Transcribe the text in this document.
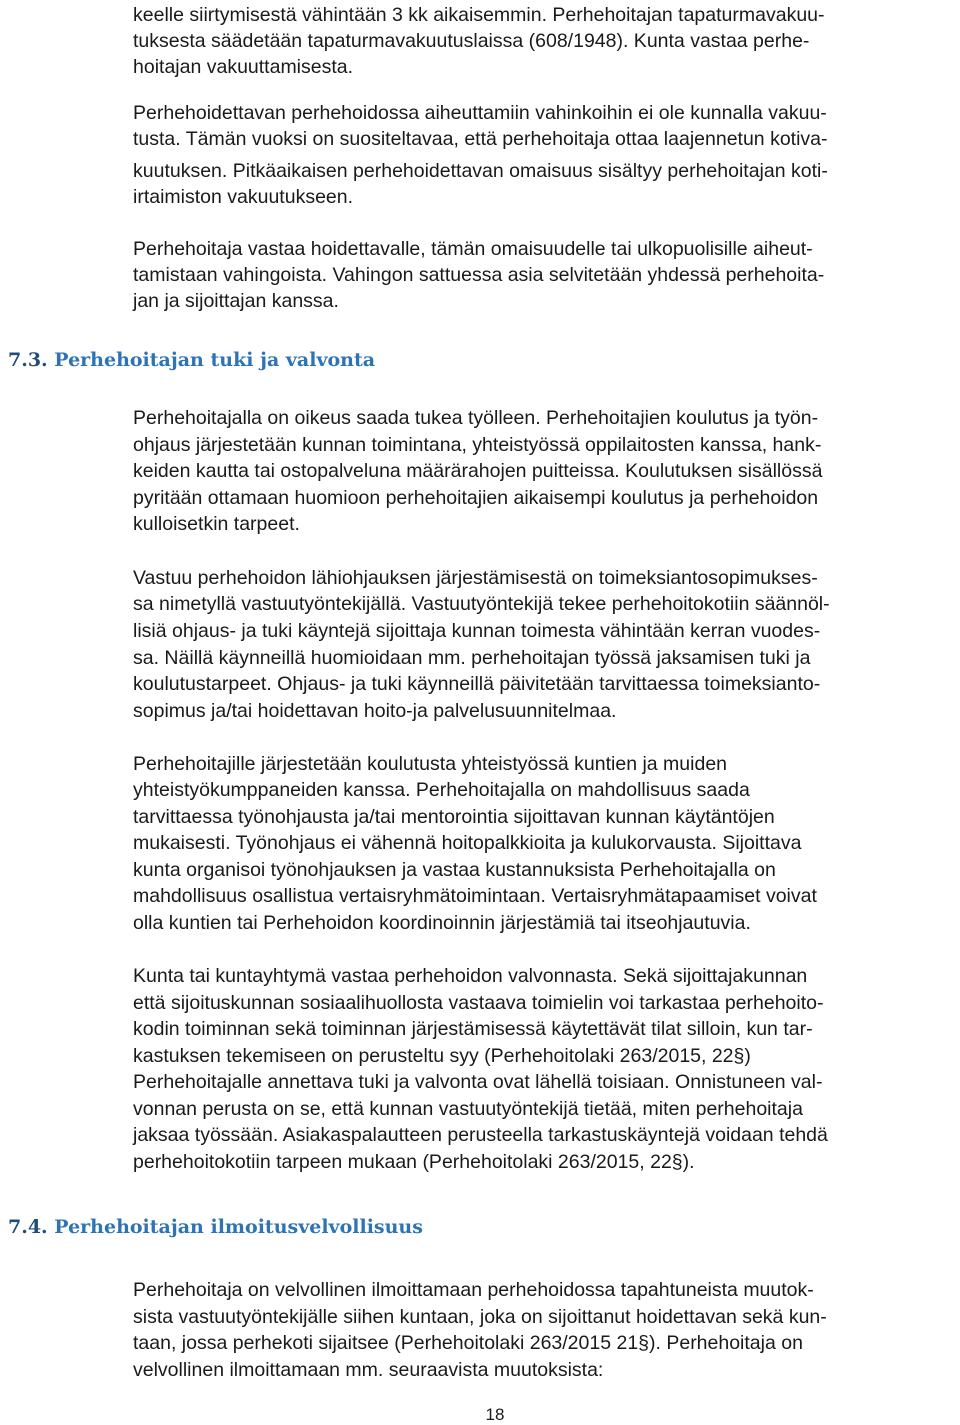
keelle siirtymisestä vähintään 3 kk aikaisemmin. Perhehoitajan tapaturmavakuu-
tuksesta säädetään tapaturmavakuutuslaissa (608/1948). Kunta vastaa perhe-
hoitajan vakuuttamisesta.
Perhehoidettavan perhehoidossa aiheuttamiin vahinkoihin ei ole kunnalla vakuu-
tusta. Tämän vuoksi on suositeltavaa, että perhehoitaja ottaa laajennetun kotiva-
kuutuksen. Pitkäaikaisen perhehoidettavan omaisuus sisältyy perhehoitajan koti-
irtaimiston vakuutukseen.
Perhehoitaja vastaa hoidettavalle, tämän omaisuudelle tai ulkopuolisille aiheut-
tamistaan vahingoista. Vahingon sattuessa asia selvitetään yhdessä perhehoita-
jan ja sijoittajan kanssa.
7.3. Perhehoitajan tuki ja valvonta
Perhehoitajalla on oikeus saada tukea työlleen. Perhehoitajien koulutus ja työn-
ohjaus järjestetään kunnan toimintana, yhteistyössä oppilaitosten kanssa, hank-
keiden kautta tai ostopalveluna määrärahojen puitteissa. Koulutuksen sisällössä
pyritään ottamaan huomioon perhehoitajien aikaisempi koulutus ja perhehoidon
kulloisetkin tarpeet.
Vastuu perhehoidon lähiohjauksen järjestämisestä on toimeksiantosopimukses-
sa nimetyllä vastuutyöntekijällä. Vastuutyöntekijä tekee perhehoitokotiin säännöl-
lisiä ohjaus- ja tuki käyntejä sijoittaja kunnan toimesta vähintään kerran vuodes-
sa. Näillä käynneillä huomioidaan mm. perhehoitajan työssä jaksamisen tuki ja
koulutustarpeet. Ohjaus- ja tuki käynneillä päivitetään tarvittaessa toimeksianto-
sopimus ja/tai hoidettavan hoito-ja palvelusuunnitelmaa.
Perhehoitajille järjestetään koulutusta yhteistyössä kuntien ja muiden
yhteistyökumppaneiden kanssa. Perhehoitajalla on mahdollisuus saada
tarvittaessa työnohjausta ja/tai mentorointia sijoittavan kunnan käytäntöjen
mukaisesti. Työnohjaus ei vähennä hoitopalkkioita ja kulukorvausta. Sijoittava
kunta organisoi työnohjauksen ja vastaa kustannuksista Perhehoitajalla on
mahdollisuus osallistua vertaisryhmätoimintaan. Vertaisryhmätapaamiset voivat
olla kuntien tai Perhehoidon koordinoinnin järjestämiä tai itseohjautuvia.
Kunta tai kuntayhtymä vastaa perhehoidon valvonnasta. Sekä sijoittajakunnan
että sijoituskunnan sosiaalihuollosta vastaava toimielin voi tarkastaa perhehoito-
kodin toiminnan sekä toiminnan järjestämisessä käytettävät tilat silloin, kun tar-
kastuksen tekemiseen on perusteltu syy (Perhehoitolaki 263/2015, 22§)
Perhehoitajalle annettava tuki ja valvonta ovat lähellä toisiaan. Onnistuneen val-
vonnan perusta on se, että kunnan vastuutyöntekijä tietää, miten perhehoitaja
jaksaa työssään. Asiakaspalautteen perusteella tarkastuskäyntejä voidaan tehdä
perhehoitokotiin tarpeen mukaan (Perhehoitolaki 263/2015, 22§).
7.4. Perhehoitajan ilmoitusvelvollisuus
Perhehoitaja on velvollinen ilmoittamaan perhehoidossa tapahtuneista muutok-
sista vastuutyöntekijälle siihen kuntaan, joka on sijoittanut hoidettavan sekä kun-
taan, jossa perhekoti sijaitsee (Perhehoitolaki 263/2015 21§). Perhehoitaja on
velvollinen ilmoittamaan mm. seuraavista muutoksista:
18
